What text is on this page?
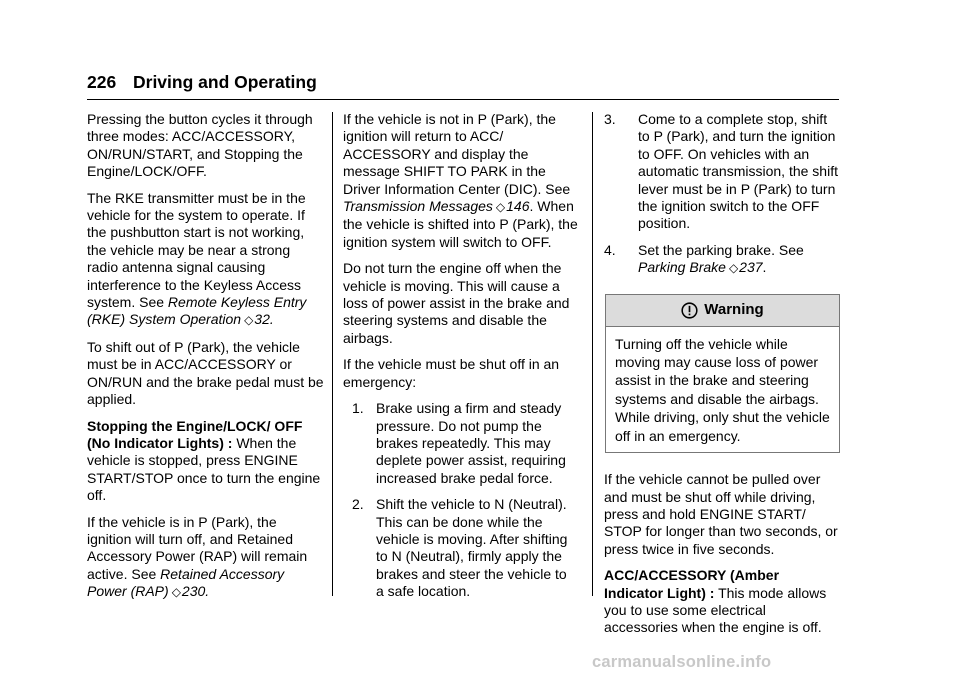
226 Driving and Operating

Pressing the button cycles it through three modes: ACC/ACCESSORY, ON/RUN/START, and Stopping the Engine/LOCK/OFF.

The RKE transmitter must be in the vehicle for the system to operate. If the pushbutton start is not working, the vehicle may be near a strong radio antenna signal causing interference to the Keyless Access system. See Remote Keyless Entry (RKE) System Operation ◇32.

To shift out of P (Park), the vehicle must be in ACC/ACCESSORY or ON/RUN and the brake pedal must be applied.

Stopping the Engine/LOCK/ OFF (No Indicator Lights) : When the vehicle is stopped, press ENGINE START/STOP once to turn the engine off.

If the vehicle is in P (Park), the ignition will turn off, and Retained Accessory Power (RAP) will remain active. See Retained Accessory Power (RAP) ◇230.

If the vehicle is not in P (Park), the ignition will return to ACC/ ACCESSORY and display the message SHIFT TO PARK in the Driver Information Center (DIC). See Transmission Messages ◇146. When the vehicle is shifted into P (Park), the ignition system will switch to OFF.

Do not turn the engine off when the vehicle is moving. This will cause a loss of power assist in the brake and steering systems and disable the airbags.

If the vehicle must be shut off in an emergency:

1. Brake using a firm and steady pressure. Do not pump the brakes repeatedly. This may deplete power assist, requiring increased brake pedal force.
2. Shift the vehicle to N (Neutral). This can be done while the vehicle is moving. After shifting to N (Neutral), firmly apply the brakes and steer the vehicle to a safe location.
3. Come to a complete stop, shift to P (Park), and turn the ignition to OFF. On vehicles with an automatic transmission, the shift lever must be in P (Park) to turn the ignition switch to the OFF position.
4. Set the parking brake. See Parking Brake ◇237.
Warning
Turning off the vehicle while moving may cause loss of power assist in the brake and steering systems and disable the airbags. While driving, only shut the vehicle off in an emergency.

If the vehicle cannot be pulled over and must be shut off while driving, press and hold ENGINE START/ STOP for longer than two seconds, or press twice in five seconds.

ACC/ACCESSORY (Amber Indicator Light) : This mode allows you to use some electrical accessories when the engine is off.

carmanualsonline.info
